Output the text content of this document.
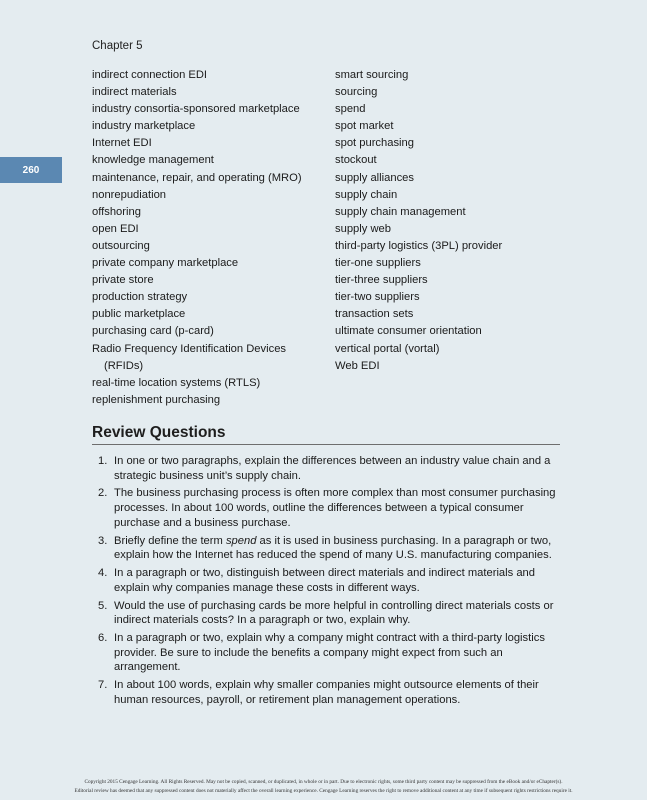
Chapter 5
260
indirect connection EDI
indirect materials
industry consortia-sponsored marketplace
industry marketplace
Internet EDI
knowledge management
maintenance, repair, and operating (MRO)
nonrepudiation
offshoring
open EDI
outsourcing
private company marketplace
private store
production strategy
public marketplace
purchasing card (p-card)
Radio Frequency Identification Devices (RFIDs)
real-time location systems (RTLS)
replenishment purchasing
smart sourcing
sourcing
spend
spot market
spot purchasing
stockout
supply alliances
supply chain
supply chain management
supply web
third-party logistics (3PL) provider
tier-one suppliers
tier-three suppliers
tier-two suppliers
transaction sets
ultimate consumer orientation
vertical portal (vortal)
Web EDI
Review Questions
1. In one or two paragraphs, explain the differences between an industry value chain and a strategic business unit’s supply chain.
2. The business purchasing process is often more complex than most consumer purchasing processes. In about 100 words, outline the differences between a typical consumer purchase and a business purchase.
3. Briefly define the term spend as it is used in business purchasing. In a paragraph or two, explain how the Internet has reduced the spend of many U.S. manufacturing companies.
4. In a paragraph or two, distinguish between direct materials and indirect materials and explain why companies manage these costs in different ways.
5. Would the use of purchasing cards be more helpful in controlling direct materials costs or indirect materials costs? In a paragraph or two, explain why.
6. In a paragraph or two, explain why a company might contract with a third-party logistics provider. Be sure to include the benefits a company might expect from such an arrangement.
7. In about 100 words, explain why smaller companies might outsource elements of their human resources, payroll, or retirement plan management operations.
Copyright 2015 Cengage Learning. All Rights Reserved. May not be copied, scanned, or duplicated, in whole or in part. Due to electronic rights, some third party content may be suppressed from the eBook and/or eChapter(s).
Editorial review has deemed that any suppressed content does not materially affect the overall learning experience. Cengage Learning reserves the right to remove additional content at any time if subsequent rights restrictions require it.
